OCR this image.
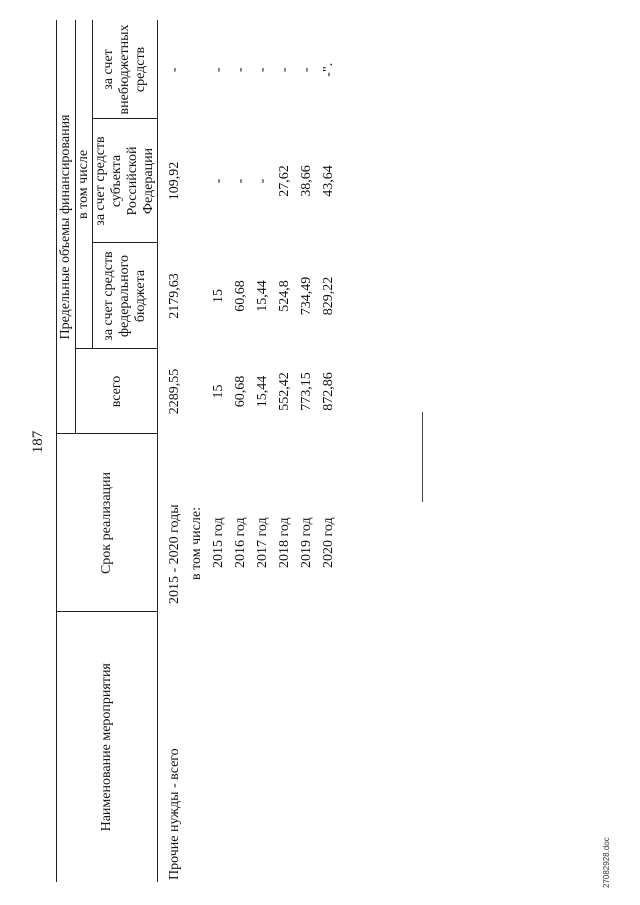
187
Наименование мероприятия	Срок реализации	Предельные объемы финансирования			
		всего	в том числе		
			за счет средств федерального бюджета	за счет средств субъекта Российской Федерации	за счет внебюджетных средств
Прочие нужды - всего	2015 - 2020 годы	2289,55	2179,63	109,92	-
	в том числе:				
	2015 год	15	15	-	-
	2016 год	60,68	60,68	-	-
	2017 год	15,44	15,44	-	-
	2018 год	552,42	524,8	27,62	-
	2019 год	773,15	734,49	38,66	-
	2020 год	872,86	829,22	43,64	-".
27082928.doc
